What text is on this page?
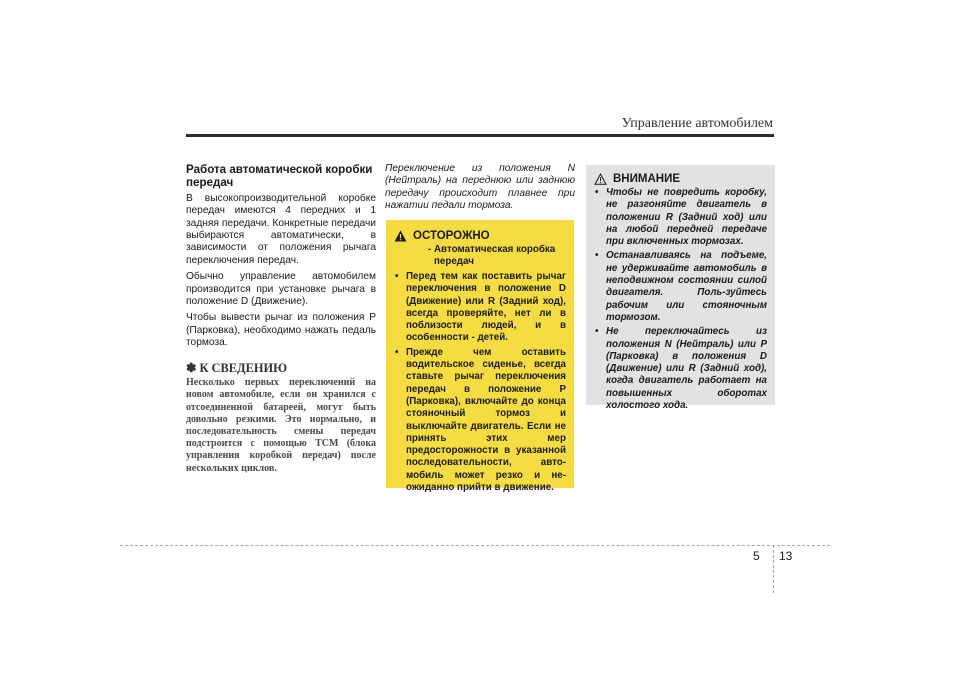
Управление автомобилем
Работа автоматической коробки передач

В высокопроизводительной коробке передач имеются 4 передних и 1 задняя передачи. Конкретные передачи выбираются автоматически, в зависимости от положения рычага переключения передач.

Обычно управление автомобилем производится при установке рычага в положение D (Движение).

Чтобы вывести рычаг из положения P (Парковка), необходимо нажать педаль тормоза.

✽ К СВЕДЕНИЮ

Несколько первых переключений на новом автомобиле, если он хранился с отсоединенной батареей, могут быть довольно резкими. Это нормально, и последовательность смены передач подстроится с помощью TCM (блока управления коробкой передач) после нескольких циклов.

Переключение из положения N (Нейтраль) на переднюю или заднюю передачу происходит плавнее при нажатии педали тормоза.

ОСТОРОЖНО
- Автоматическая коробка передач
• Перед тем как поставить рычаг переключения в положение D (Движение) или R (Задний ход), всегда проверяйте, нет ли в поблизости людей, и в особенности - детей.
• Прежде чем оставить водительское сиденье, всегда ставьте рычаг переключения передач в положение P (Парковка), включайте до конца стояночный тормоз и выключайте двигатель. Если не принять этих мер предосторожности в указанной последовательности, авто-мобиль может резко и не-ожиданно прийти в движение.
ВНИМАНИЕ
• Чтобы не повредить коробку, не разгоняйте двигатель в положении R (Задний ход) или на любой передней передаче при включенных тормозах.
• Останавливаясь на подъеме, не удерживайте автомобиль в неподвижном состоянии силой двигателя. Поль-зуйтесь рабочим или стояночным тормозом.
• Не переключайтесь из положения N (Нейтраль) или P (Парковка) в положения D (Движение) или R (Задний ход), когда двигатель работает на повышенных оборотах холостого хода.
5 13
